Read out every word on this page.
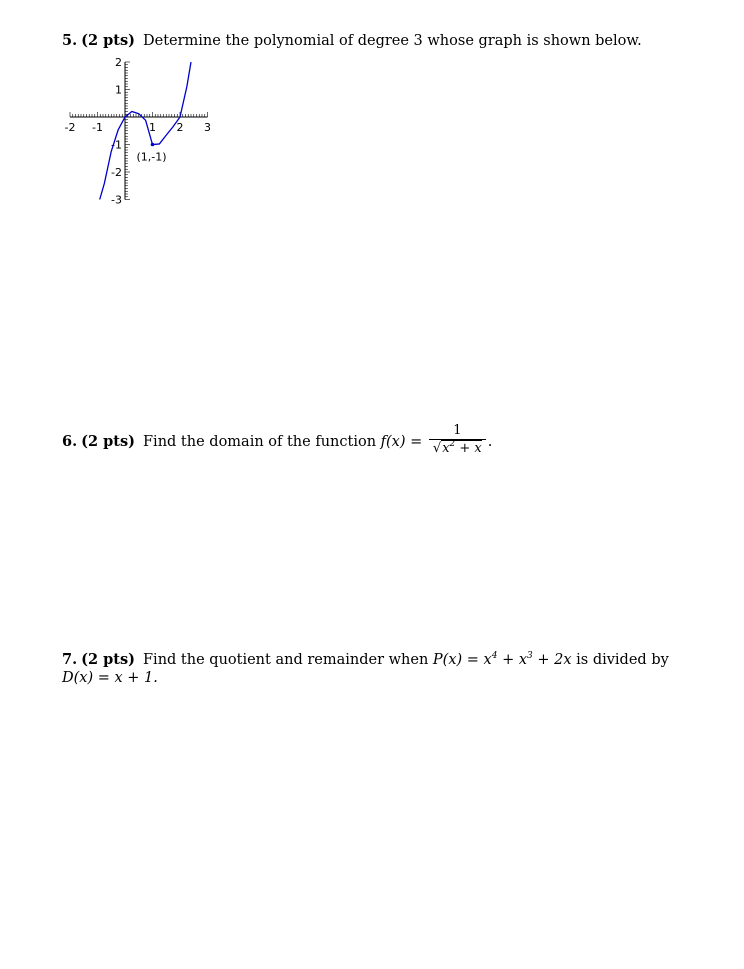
5. (2 pts) Determine the polynomial of degree 3 whose graph is shown below.
-2 -1	1 2 3
2
1
-1
-2
-3
(1,-1)
6. (2 pts) Find the domain of the function $f(x) = \frac{1}{√x^2 + x}$ .
7. (2 pts) Find the quotient and remainder when $P(x) = x^4 + x^3 + 2x$ is divided by
D(x) = x + 1.
